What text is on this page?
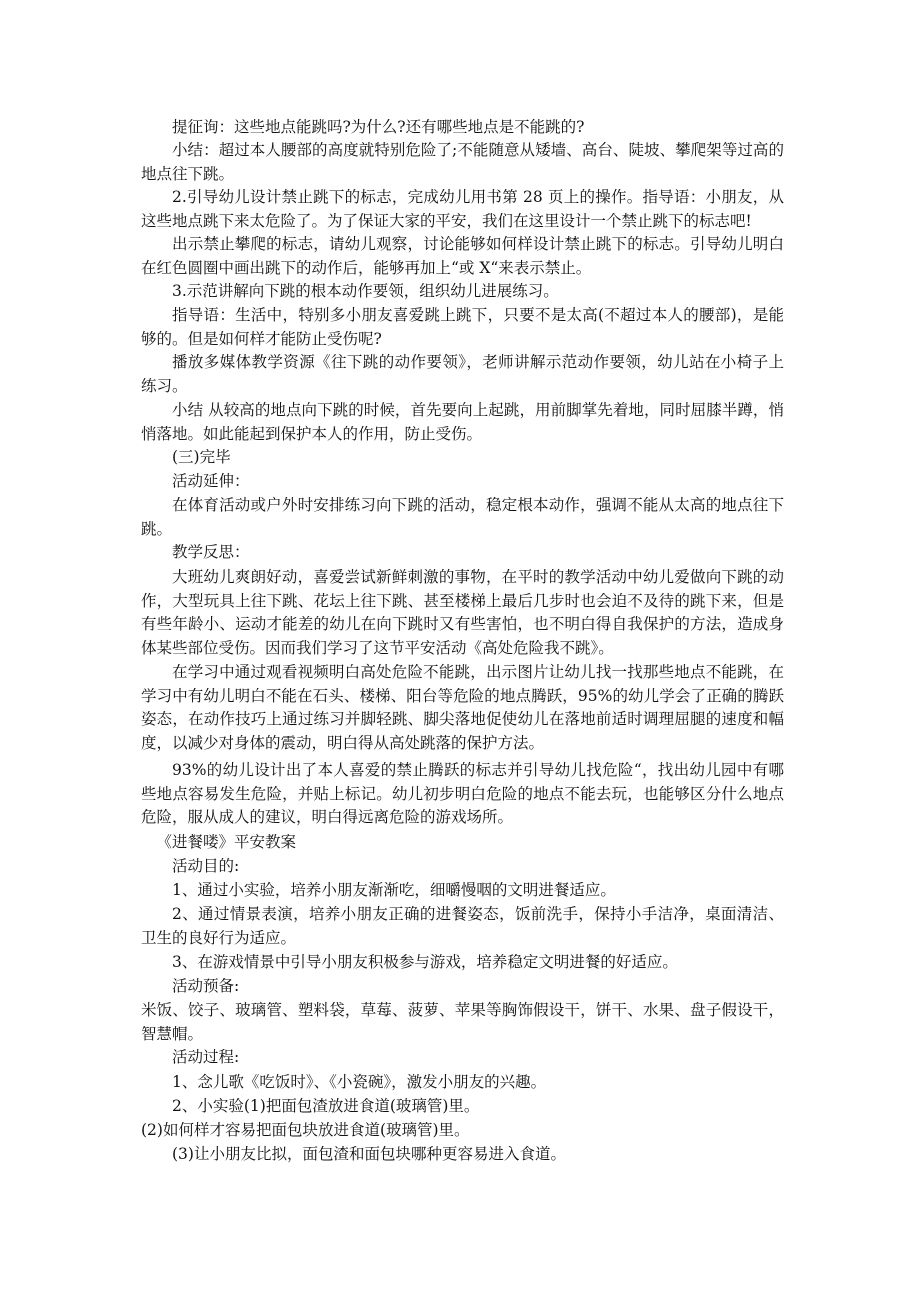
提征询：这些地点能跳吗?为什么?还有哪些地点是不能跳的?

小结：超过本人腰部的高度就特别危险了;不能随意从矮墙、高台、陡坡、攀爬架等过高的地点往下跳。

2.引导幼儿设计禁止跳下的标志，完成幼儿用书第 28 页上的操作。指导语：小朋友，从这些地点跳下来太危险了。为了保证大家的平安，我们在这里设计一个禁止跳下的标志吧!

出示禁止攀爬的标志，请幼儿观察，讨论能够如何样设计禁止跳下的标志。引导幼儿明白在红色圆圈中画出跳下的动作后，能够再加上“或 X“来表示禁止。

3.示范讲解向下跳的根本动作要领，组织幼儿进展练习。

指导语：生活中，特别多小朋友喜爱跳上跳下，只要不是太高(不超过本人的腰部)，是能够的。但是如何样才能防止受伤呢?

播放多媒体教学资源《往下跳的动作要领》，老师讲解示范动作要领，幼儿站在小椅子上练习。

小结 从较高的地点向下跳的时候，首先要向上起跳，用前脚掌先着地，同时屈膝半蹲，悄悄落地。如此能起到保护本人的作用，防止受伤。

(三)完毕

活动延伸：

在体育活动或户外时安排练习向下跳的活动，稳定根本动作，强调不能从太高的地点往下跳。

教学反思：

大班幼儿爽朗好动，喜爱尝试新鲜刺激的事物，在平时的教学活动中幼儿爱做向下跳的动作，大型玩具上往下跳、花坛上往下跳、甚至楼梯上最后几步时也会迫不及待的跳下来，但是有些年龄小、运动才能差的幼儿在向下跳时又有些害怕，也不明白得自我保护的方法，造成身体某些部位受伤。因而我们学习了这节平安活动《高处危险我不跳》。

在学习中通过观看视频明白高处危险不能跳，出示图片让幼儿找一找那些地点不能跳，在学习中有幼儿明白不能在石头、楼梯、阳台等危险的地点腾跃，95%的幼儿学会了正确的腾跃姿态，在动作技巧上通过练习并脚轻跳、脚尖落地促使幼儿在落地前适时调理屈腿的速度和幅度，以减少对身体的震动，明白得从高处跳落的保护方法。

93%的幼儿设计出了本人喜爱的禁止腾跃的标志并引导幼儿找危险“，找出幼儿园中有哪些地点容易发生危险，并贴上标记。幼儿初步明白危险的地点不能去玩，也能够区分什么地点危险，服从成人的建议，明白得远离危险的游戏场所。

《进餐喽》平安教案

活动目的:

1、通过小实验，培养小朋友渐渐吃，细嚼慢咽的文明进餐适应。

2、通过情景表演，培养小朋友正确的进餐姿态，饭前洗手，保持小手洁净，桌面清洁、卫生的良好行为适应。

3、在游戏情景中引导小朋友积极参与游戏，培养稳定文明进餐的好适应。

活动预备:

米饭、饺子、玻璃管、塑料袋，草莓、菠萝、苹果等胸饰假设干，饼干、水果、盘子假设干，智慧帽。

活动过程:

1、念儿歌《吃饭时》、《小瓷碗》，激发小朋友的兴趣。

2、小实验(1)把面包渣放进食道(玻璃管)里。

(2)如何样才容易把面包块放进食道(玻璃管)里。

(3)让小朋友比拟，面包渣和面包块哪种更容易进入食道。
